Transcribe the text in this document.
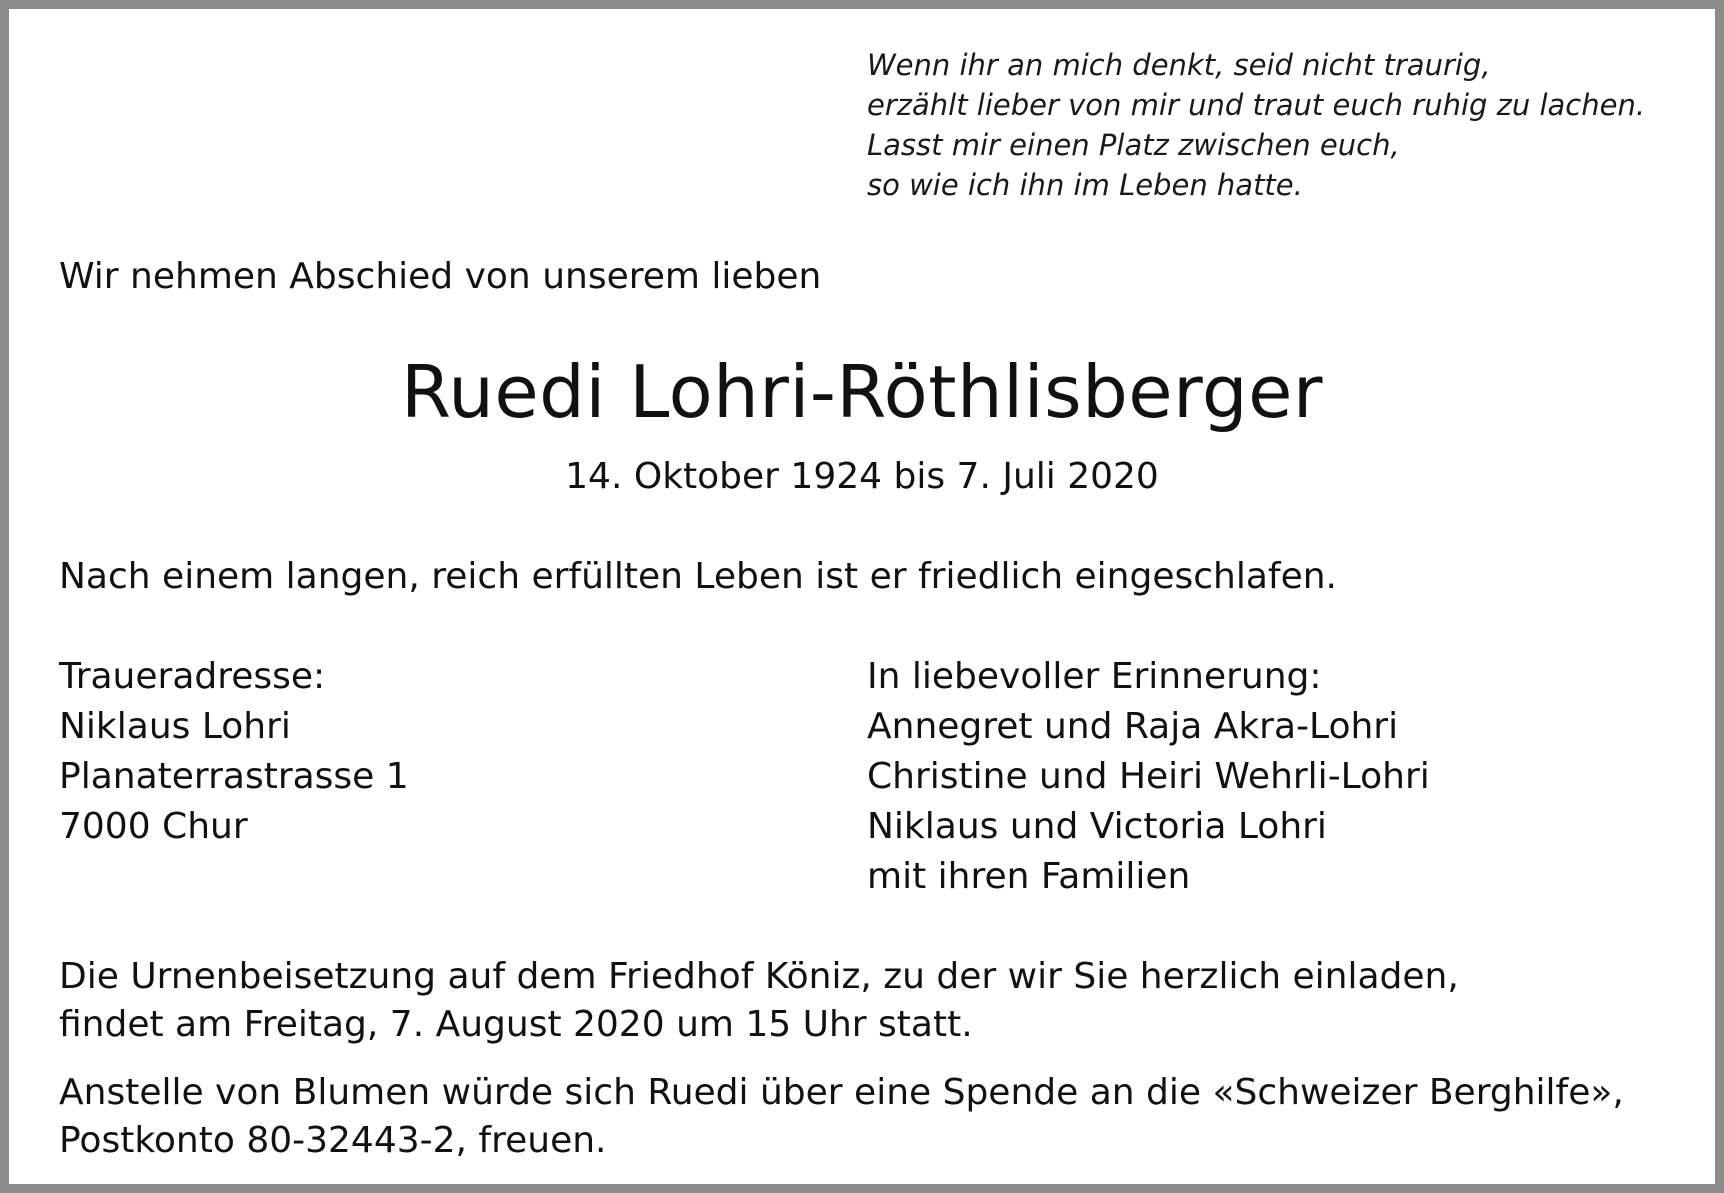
Wenn ihr an mich denkt, seid nicht traurig,
erzählt lieber von mir und traut euch ruhig zu lachen.
Lasst mir einen Platz zwischen euch,
so wie ich ihn im Leben hatte.
Wir nehmen Abschied von unserem lieben
Ruedi Lohri-Röthlisberger
14. Oktober 1924 bis 7. Juli 2020
Nach einem langen, reich erfüllten Leben ist er friedlich eingeschlafen.
Traueradresse:
Niklaus Lohri
Planaterrastrasse 1
7000 Chur
In liebevoller Erinnerung:
Annegret und Raja Akra-Lohri
Christine und Heiri Wehrli-Lohri
Niklaus und Victoria Lohri
mit ihren Familien
Die Urnenbeisetzung auf dem Friedhof Köniz, zu der wir Sie herzlich einladen,
findet am Freitag, 7. August 2020 um 15 Uhr statt.
Anstelle von Blumen würde sich Ruedi über eine Spende an die «Schweizer Berghilfe»,
Postkonto 80-32443-2, freuen.
